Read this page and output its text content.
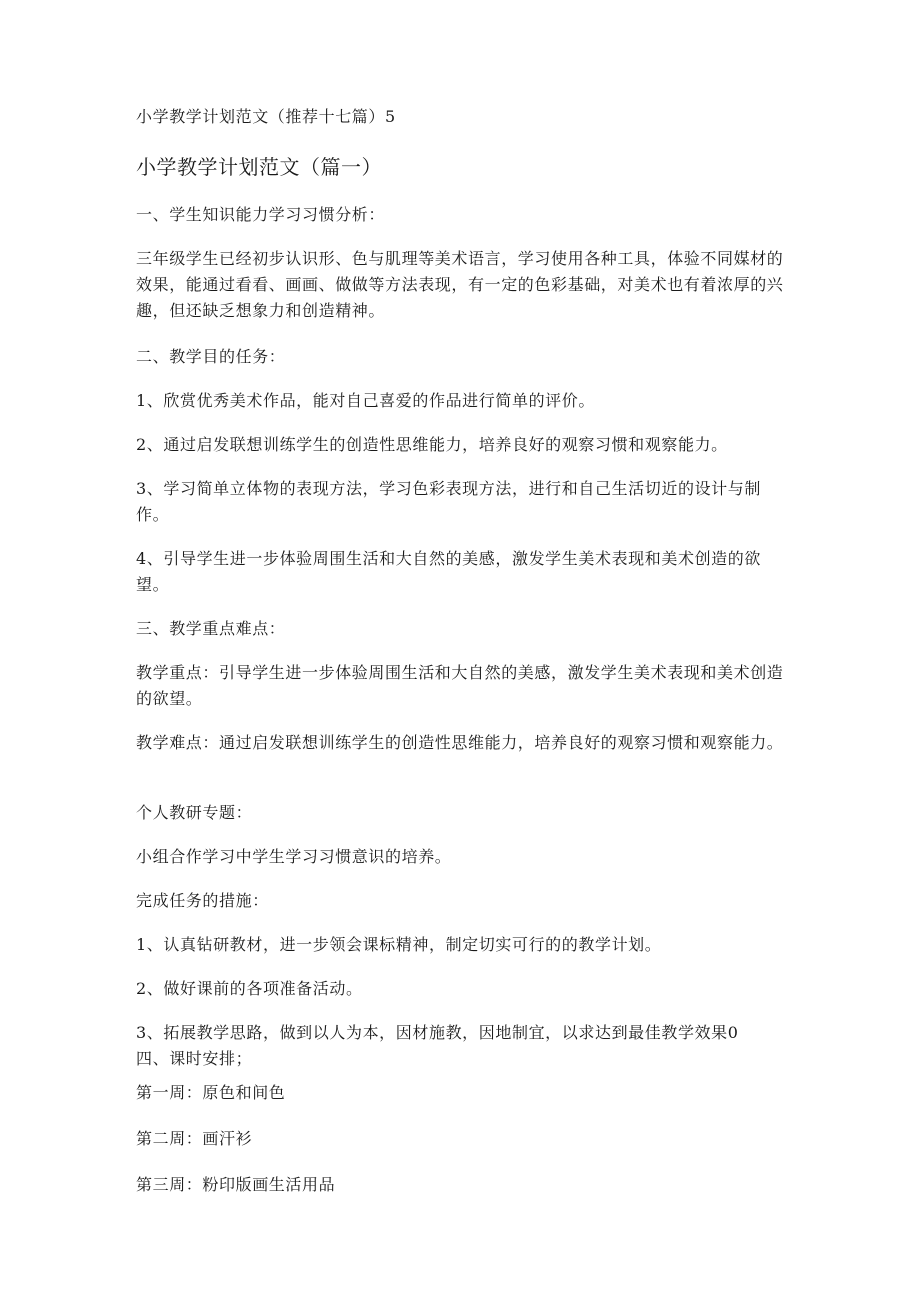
小学教学计划范文（推荐十七篇）5
小学教学计划范文（篇一）
一、学生知识能力学习习惯分析：
三年级学生已经初步认识形、色与肌理等美术语言，学习使用各种工具，体验不同媒材的效果，能通过看看、画画、做做等方法表现，有一定的色彩基础，对美术也有着浓厚的兴趣，但还缺乏想象力和创造精神。
二、教学目的任务：
1、欣赏优秀美术作品，能对自己喜爱的作品进行简单的评价。
2、通过启发联想训练学生的创造性思维能力，培养良好的观察习惯和观察能力。
3、学习简单立体物的表现方法，学习色彩表现方法，进行和自己生活切近的设计与制作。
4、引导学生进一步体验周围生活和大自然的美感，激发学生美术表现和美术创造的欲望。
三、教学重点难点：
教学重点：引导学生进一步体验周围生活和大自然的美感，激发学生美术表现和美术创造的欲望。
教学难点：通过启发联想训练学生的创造性思维能力，培养良好的观察习惯和观察能力。
个人教研专题：
小组合作学习中学生学习习惯意识的培养。
完成任务的措施：
1、认真钻研教材，进一步领会课标精神，制定切实可行的的教学计划。
2、做好课前的各项准备活动。
3、拓展教学思路，做到以人为本，因材施教，因地制宜，以求达到最佳教学效果0
四、课时安排；
第一周：原色和间色
第二周：画汗衫
第三周：粉印版画生活用品
